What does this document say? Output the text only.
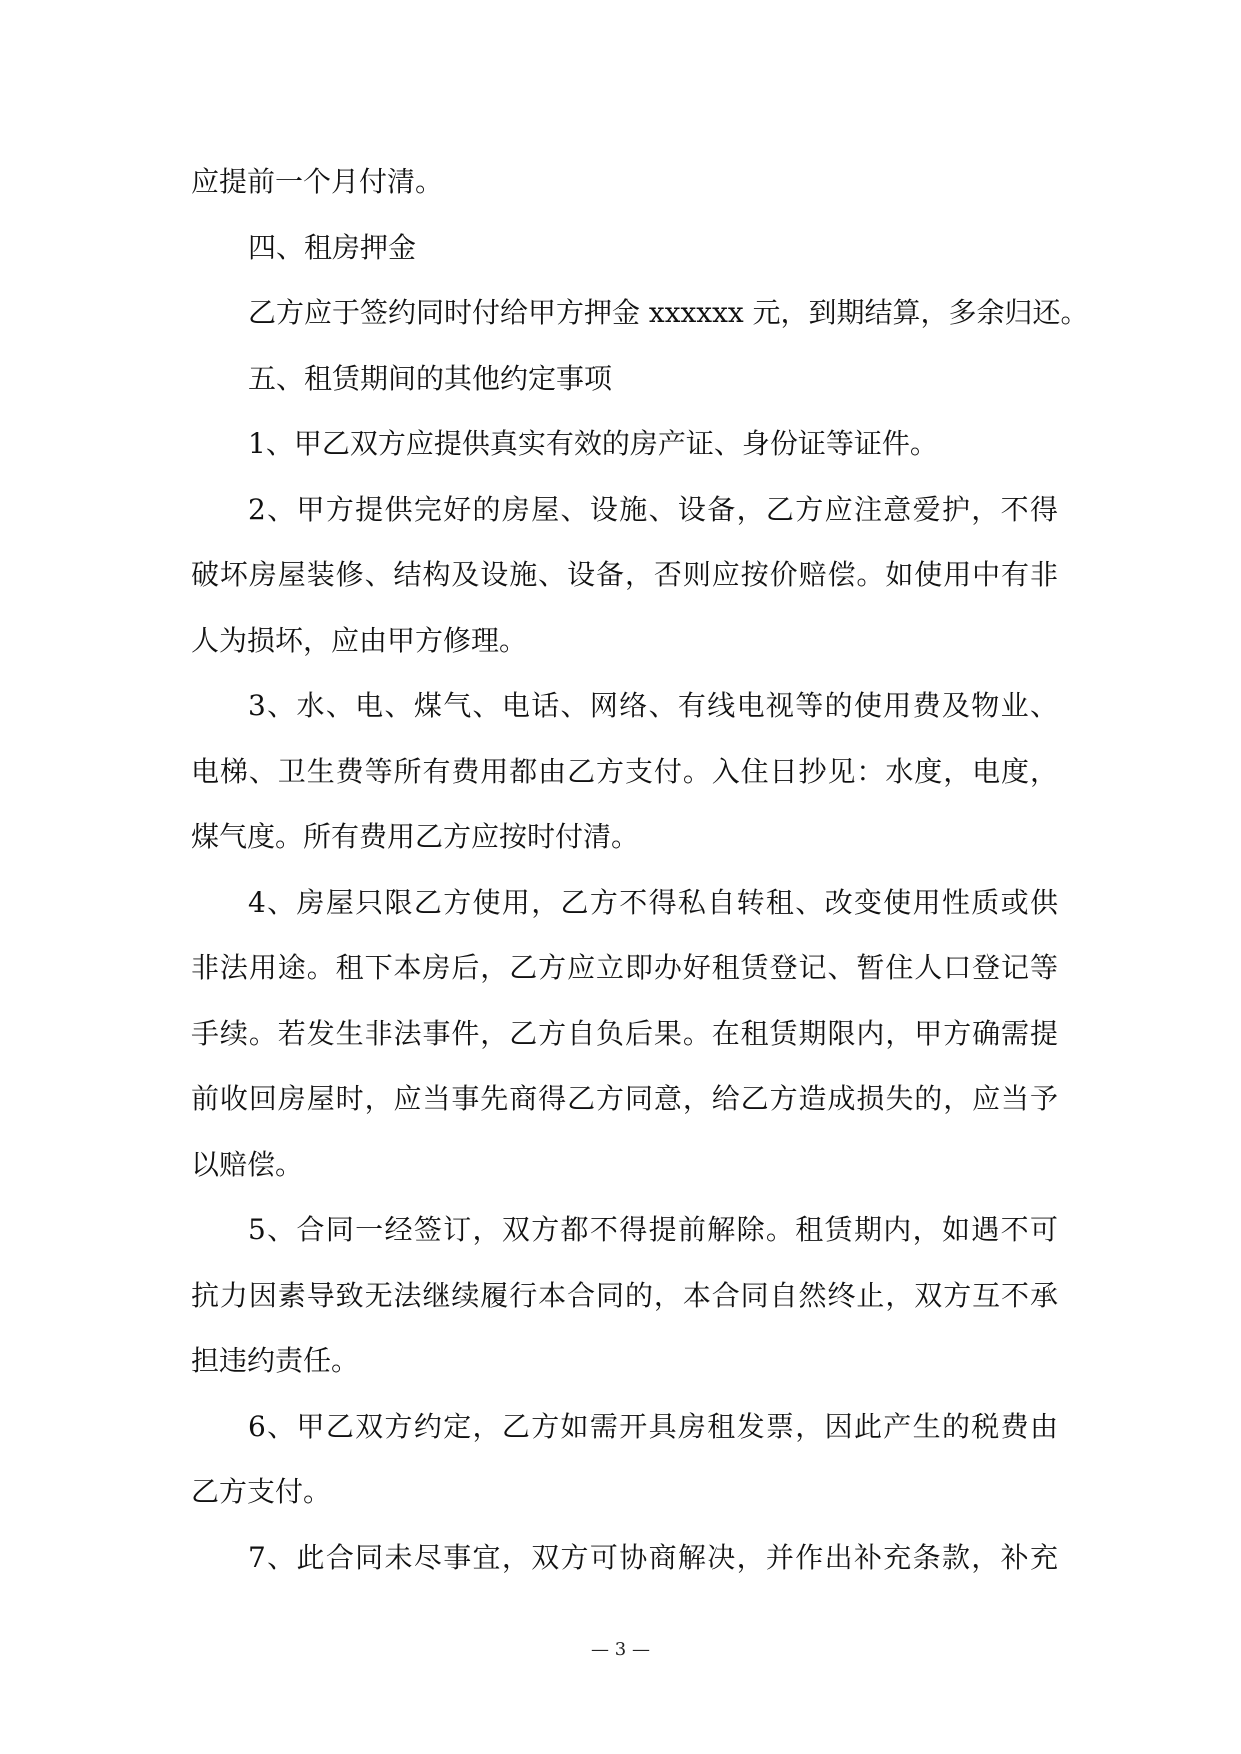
应提前一个月付清。
四、租房押金
乙方应于签约同时付给甲方押金 xxxxxx 元，到期结算，多余归还。
五、租赁期间的其他约定事项
1、甲乙双方应提供真实有效的房产证、身份证等证件。
2、甲方提供完好的房屋、设施、设备，乙方应注意爱护，不得
破坏房屋装修、结构及设施、设备，否则应按价赔偿。如使用中有非
人为损坏，应由甲方修理。
3、水、电、煤气、电话、网络、有线电视等的使用费及物业、
电梯、卫生费等所有费用都由乙方支付。入住日抄见：水度，电度，
煤气度。所有费用乙方应按时付清。
4、房屋只限乙方使用，乙方不得私自转租、改变使用性质或供
非法用途。租下本房后，乙方应立即办好租赁登记、暂住人口登记等
手续。若发生非法事件，乙方自负后果。在租赁期限内，甲方确需提
前收回房屋时，应当事先商得乙方同意，给乙方造成损失的，应当予
以赔偿。
5、合同一经签订，双方都不得提前解除。租赁期内，如遇不可
抗力因素导致无法继续履行本合同的，本合同自然终止，双方互不承
担违约责任。
6、甲乙双方约定，乙方如需开具房租发票，因此产生的税费由
乙方支付。
7、此合同未尽事宜，双方可协商解决，并作出补充条款，补充
— 3 —
